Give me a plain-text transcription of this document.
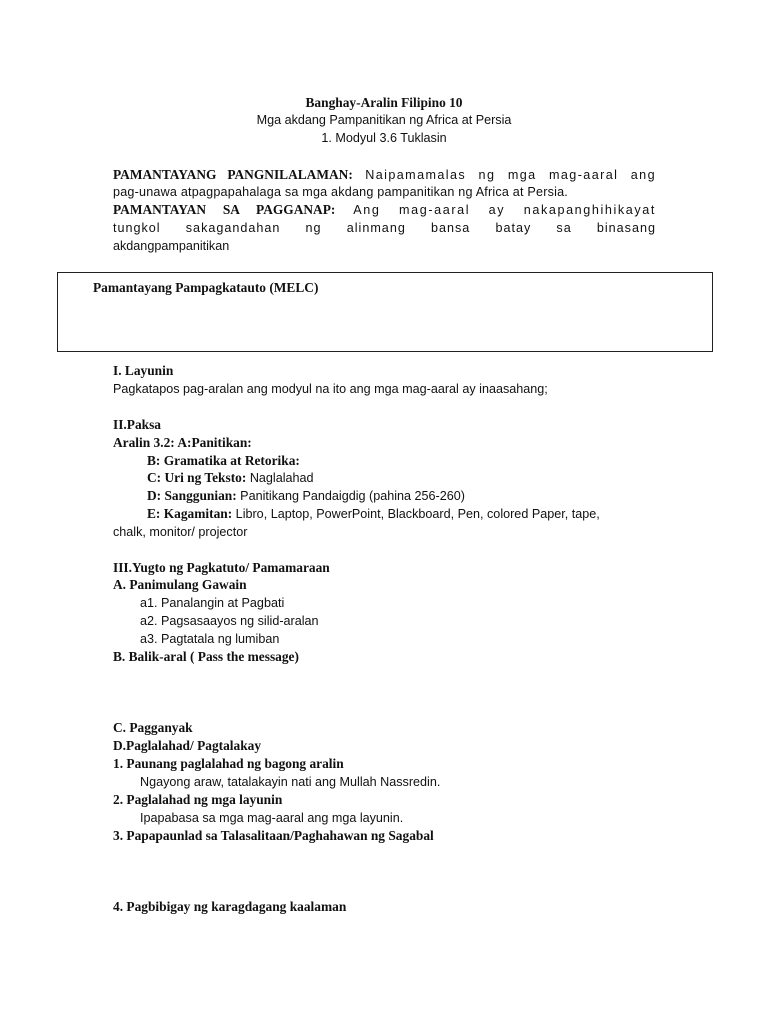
Banghay-Aralin Filipino 10
Mga akdang Pampanitikan ng Africa at Persia
1. Modyul 3.6 Tuklasin
PAMANTAYANG PANGNILALAMAN: Naipamamalas ng mga mag-aaral ang
pag-unawa atpagpapahalaga sa mga akdang pampanitikan ng Africa at Persia.
PAMANTAYAN SA PAGGANAP: Ang mag-aaral ay nakapanghihikayat
tungkol sakagandahan ng alinmang bansa batay sa binasang
akdangpampanitikan
Pamantayang Pampagkatauto (MELC)
I. Layunin
Pagkatapos pag-aralan ang modyul na ito ang mga mag-aaral ay inaasahang;
II.Paksa
Aralin 3.2: A:Panitikan:
B: Gramatika at Retorika:
C: Uri ng Teksto: Naglalahad
D: Sanggunian: Panitikang Pandaigdig (pahina 256-260)
E: Kagamitan: Libro, Laptop, PowerPoint, Blackboard, Pen, colored Paper, tape,
chalk, monitor/ projector
III.Yugto ng Pagkatuto/ Pamamaraan
A. Panimulang Gawain
a1. Panalangin at Pagbati
a2. Pagsasaayos ng silid-aralan
a3. Pagtatala ng lumiban
B. Balik-aral ( Pass the message)
C. Pagganyak
D.Paglalahad/ Pagtalakay
1. Paunang paglalahad ng bagong aralin
Ngayong araw, tatalakayin nati ang Mullah Nassredin.
2. Paglalahad ng mga layunin
Ipapabasa sa mga mag-aaral ang mga layunin.
3. Papapaunlad sa Talasalitaan/Paghahawan ng Sagabal
4. Pagbibigay ng karagdagang kaalaman
